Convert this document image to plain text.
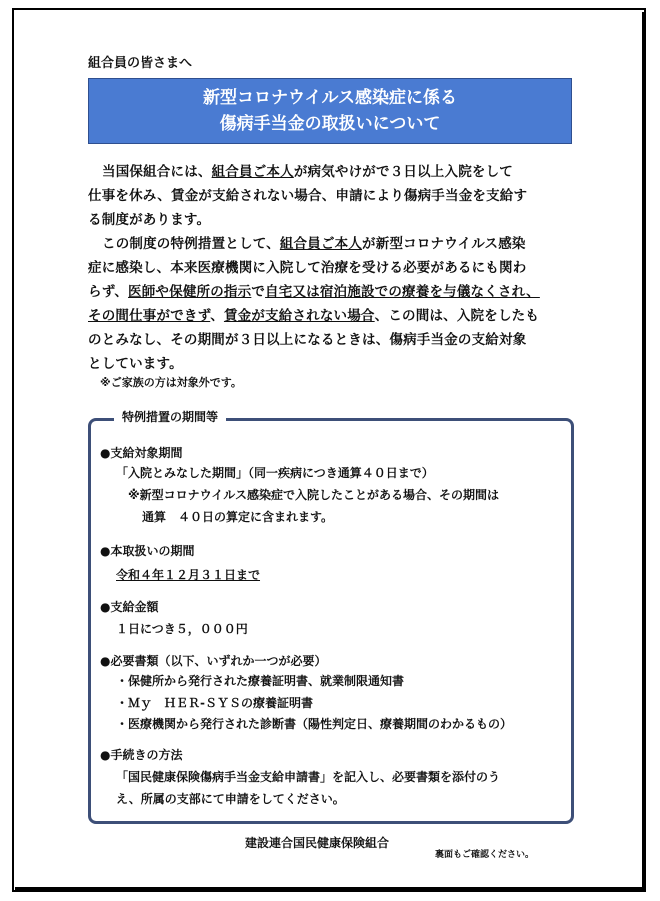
組合員の皆さまへ
新型コロナウイルス感染症に係る
傷病手当金の取扱いについて

当国保組合には、組合員ご本人が病気やけがで３日以上入院をして

仕事を休み、賃金が支給されない場合、申請により傷病手当金を支給す

る制度があります。

この制度の特例措置として、組合員ご本人が新型コロナウイルス感染

症に感染し、本来医療機関に入院して治療を受ける必要があるにも関わ

らず、医師や保健所の指示で自宅又は宿泊施設での療養を与儀なくされ、

その間仕事ができず、賃金が支給されない場合、この間は、入院をしたも

のとみなし、その期間が３日以上になるときは、傷病手当金の支給対象

としています。

※ご家族の方は対象外です。
特例措置の期間等
●支給対象期間
「入院とみなした期間」（同一疾病につき通算４０日まで）
※新型コロナウイルス感染症で入院したことがある場合、その期間は
通算　４０日の算定に含まれます。
●本取扱いの期間
令和４年１２月３１日まで
●支給金額
１日につき５，０００円
●必要書類（以下、いずれか一つが必要）
・保健所から発行された療養証明書、就業制限通知書
・Ｍｙ　ＨＥＲ-ＳＹＳの療養証明書
・医療機関から発行された診断書（陽性判定日、療養期間のわかるもの）
●手続きの方法
「国民健康保険傷病手当金支給申請書」を記入し、必要書類を添付のう
え、所属の支部にて申請をしてください。
建設連合国民健康保険組合
裏面もご確認ください。
